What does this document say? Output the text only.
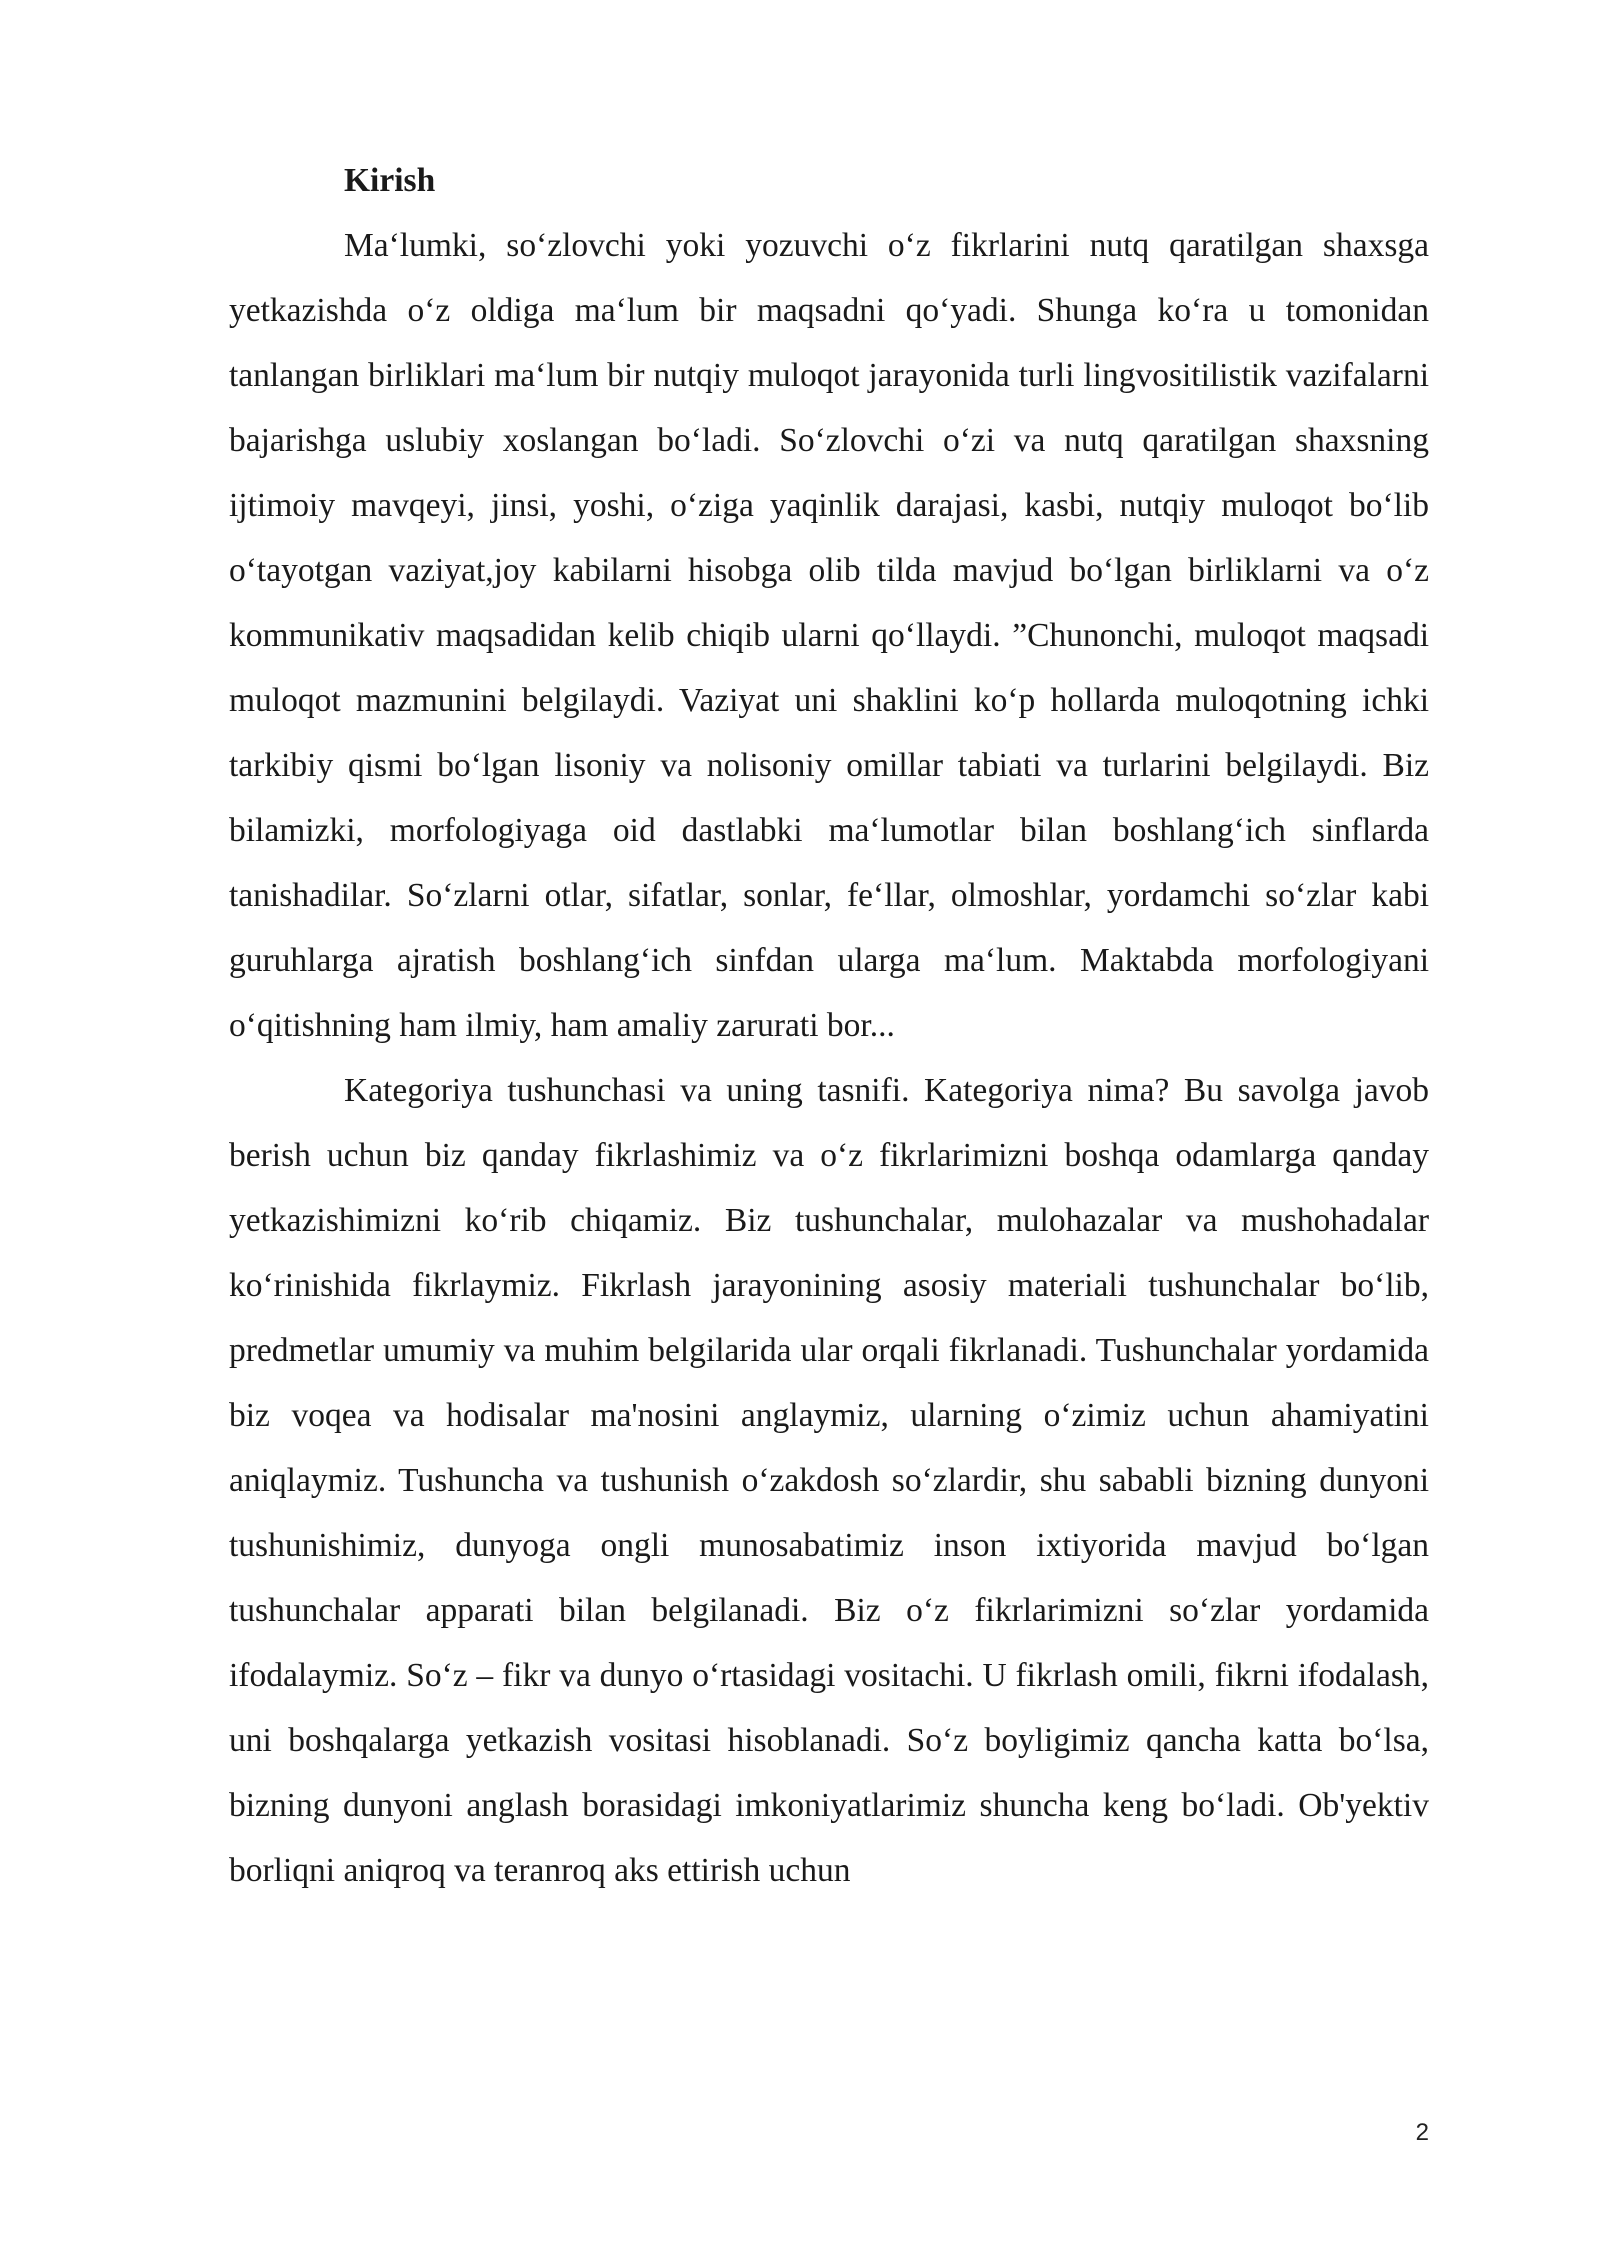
Kirish

Ma‘lumki, so‘zlovchi yoki yozuvchi o‘z fikrlarini nutq qaratilgan shaxsga yetkazishda o‘z oldiga ma‘lum bir maqsadni qo‘yadi. Shunga ko‘ra u tomonidan tanlangan birliklari ma‘lum bir nutqiy muloqot jarayonida turli lingvositilistik vazifalarni bajarishga uslubiy xoslangan bo‘ladi. So‘zlovchi o‘zi va nutq qaratilgan shaxsning ijtimoiy mavqeyi, jinsi, yoshi, o‘ziga yaqinlik darajasi, kasbi, nutqiy muloqot bo‘lib o‘tayotgan vaziyat,joy kabilarni hisobga olib tilda mavjud bo‘lgan birliklarni va o‘z kommunikativ maqsadidan kelib chiqib ularni qo‘llaydi. ”Chunonchi, muloqot maqsadi muloqot mazmunini belgilaydi. Vaziyat uni shaklini ko‘p hollarda muloqotning ichki tarkibiy qismi bo‘lgan lisoniy va nolisoniy omillar tabiati va turlarini belgilaydi. Biz bilamizki, morfologiyaga oid dastlabki ma‘lumotlar bilan boshlang‘ich sinflarda tanishadilar. So‘zlarni otlar, sifatlar, sonlar, fe‘llar, olmoshlar, yordamchi so‘zlar kabi guruhlarga ajratish boshlang‘ich sinfdan ularga ma‘lum. Maktabda morfologiyani o‘qitishning ham ilmiy, ham amaliy zarurati bor...

Kategoriya tushunchasi va uning tasnifi. Kategoriya nima? Bu savolga javob berish uchun biz qanday fikrlashimiz va o‘z fikrlarimizni boshqa odamlarga qanday yetkazishimizni ko‘rib chiqamiz. Biz tushunchalar, mulohazalar va mushohadalar ko‘rinishida fikrlaymiz. Fikrlash jarayonining asosiy materiali tushunchalar bo‘lib, predmetlar umumiy va muhim belgilarida ular orqali fikrlanadi. Tushunchalar yordamida biz voqea va hodisalar ma'nosini anglaymiz, ularning o‘zimiz uchun ahamiyatini aniqlaymiz. Tushuncha va tushunish o‘zakdosh so‘zlardir, shu sababli bizning dunyoni tushunishimiz, dunyoga ongli munosabatimiz inson ixtiyorida mavjud bo‘lgan tushunchalar apparati bilan belgilanadi. Biz o‘z fikrlarimizni so‘zlar yordamida ifodalaymiz. So‘z – fikr va dunyo o‘rtasidagi vositachi. U fikrlash omili, fikrni ifodalash, uni boshqalarga yetkazish vositasi hisoblanadi. So‘z boyligimiz qancha katta bo‘lsa, bizning dunyoni anglash borasidagi imkoniyatlarimiz shuncha keng bo‘ladi. Ob'yektiv borliqni aniqroq va teranroq aks ettirish uchun

2
